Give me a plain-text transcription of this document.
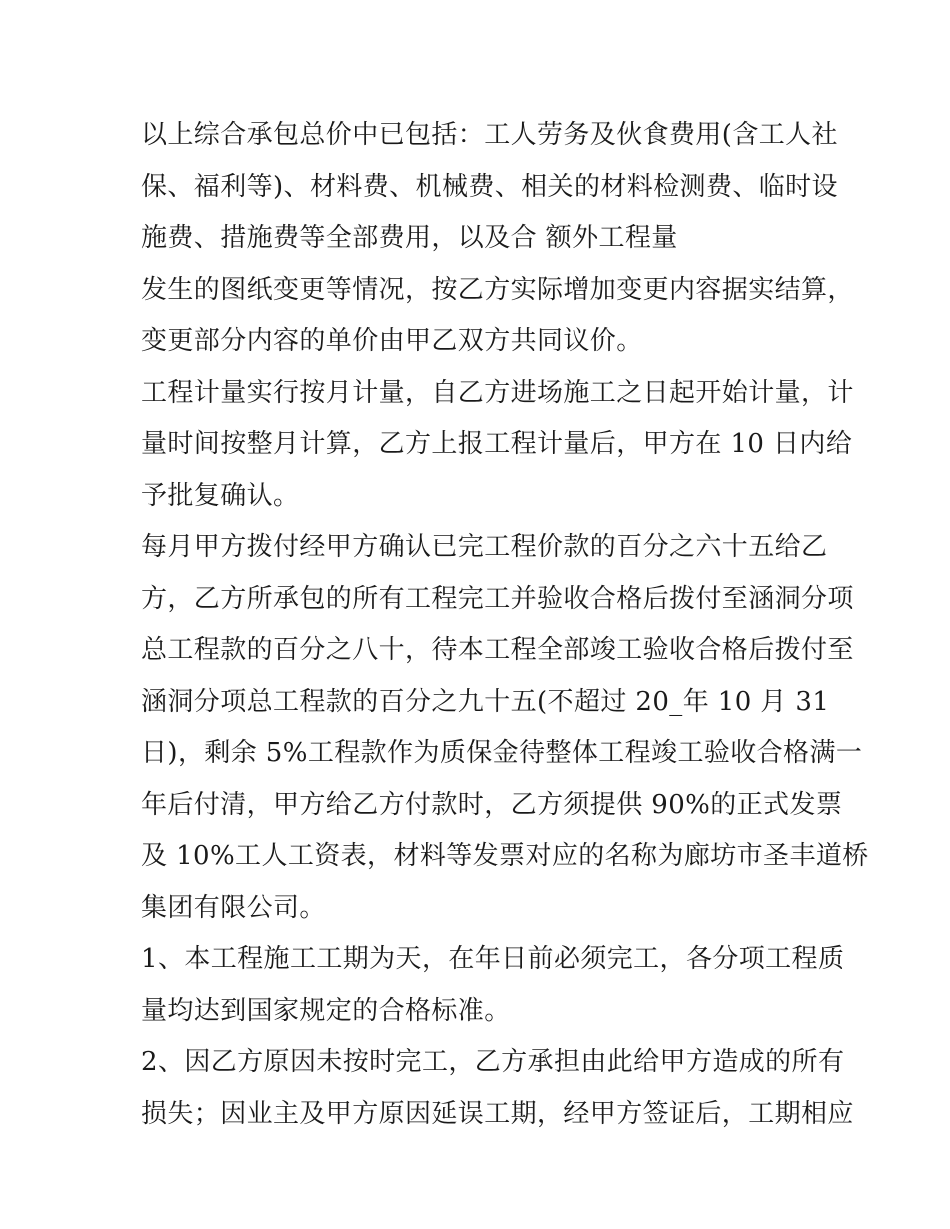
以上综合承包总价中已包括：工人劳务及伙食费用(含工人社
保、福利等)、材料费、机械费、相关的材料检测费、临时设
施费、措施费等全部费用，以及合 额外工程量
发生的图纸变更等情况，按乙方实际增加变更内容据实结算，
变更部分内容的单价由甲乙双方共同议价。
工程计量实行按月计量，自乙方进场施工之日起开始计量，计
量时间按整月计算，乙方上报工程计量后，甲方在 10 日内给
予批复确认。
每月甲方拨付经甲方确认已完工程价款的百分之六十五给乙
方，乙方所承包的所有工程完工并验收合格后拨付至涵洞分项
总工程款的百分之八十，待本工程全部竣工验收合格后拨付至
涵洞分项总工程款的百分之九十五(不超过 20_年 10 月 31
日)，剩余 5%工程款作为质保金待整体工程竣工验收合格满一
年后付清，甲方给乙方付款时，乙方须提供 90%的正式发票
及 10%工人工资表，材料等发票对应的名称为廊坊市圣丰道桥
集团有限公司。
1、本工程施工工期为天，在年日前必须完工，各分项工程质
量均达到国家规定的合格标准。
2、因乙方原因未按时完工，乙方承担由此给甲方造成的所有
损失；因业主及甲方原因延误工期，经甲方签证后，工期相应
